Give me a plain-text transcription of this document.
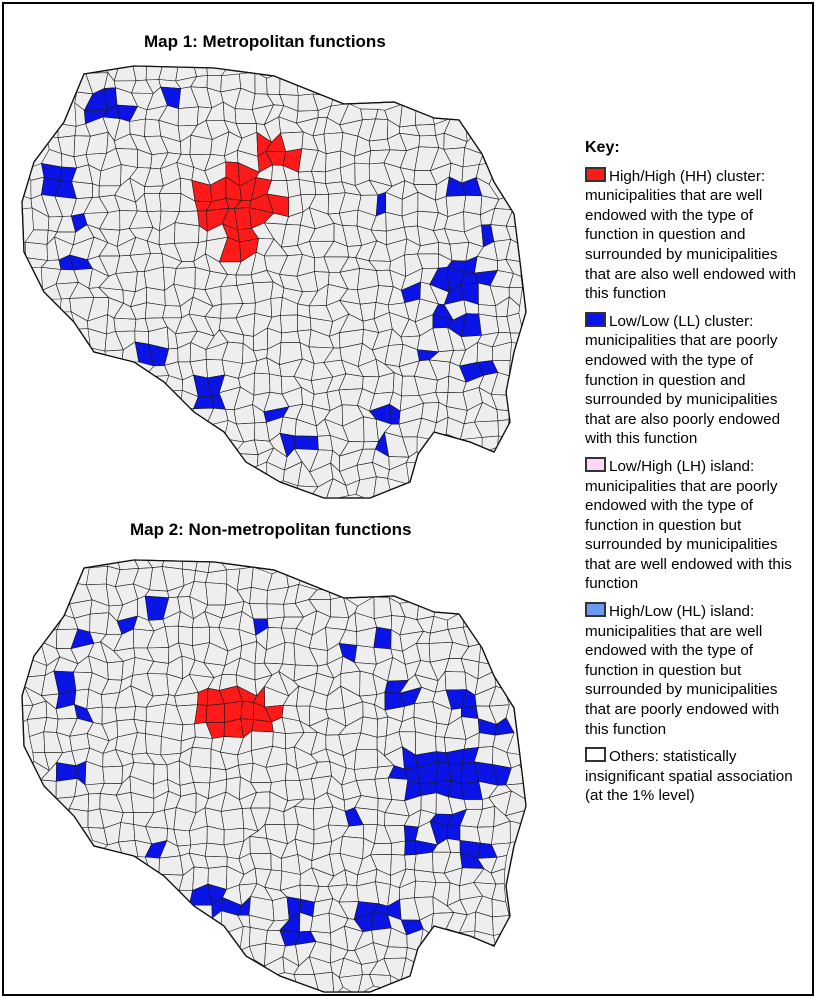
Map 1: Metropolitan functions
Map 2: Non-metropolitan functions
Key:
High/High (HH) cluster: municipalities that are well endowed with the type of function in question and surrounded by municipalities that are also well endowed with this function
Low/Low (LL) cluster: municipalities that are poorly endowed with the type of function in question and surrounded by municipalities that are also poorly endowed with this function
Low/High (LH) island: municipalities that are poorly endowed with the type of function in question but surrounded by municipalities that are well endowed with this function
High/Low (HL) island: municipalities that are well endowed with the type of function in question but surrounded by municipalities that are poorly endowed with this function
Others: statistically insignificant spatial association (at the 1% level)
